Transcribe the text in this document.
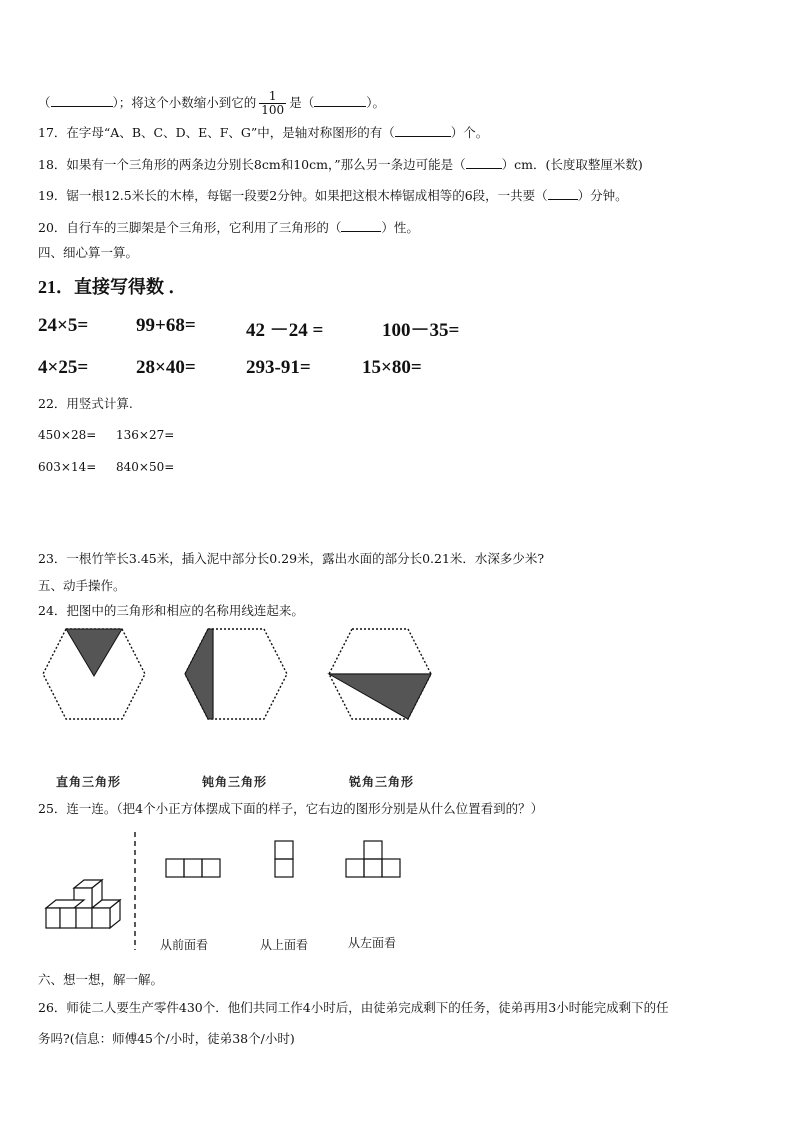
（	）；将这个小数缩小到它的 $\frac{1}{100}$ 是（	）。
17．在字母“A、B、C、D、E、F、G”中，是轴对称图形的有（	）个。
18．如果有一个三角形的两条边分别长8cm和10cm，”那么另一条边可能是（	）cm．(长度取整厘米数)
19．锯一根12.5米长的木棒，每锯一段要2分钟。如果把这根木棒锯成相等的6段，一共要（ ）分钟。
20．自行车的三脚架是个三角形，它利用了三角形的（	）性。
四、细心算一算。
21．直接写得数 ．
24×5=	99+68=	42 －24 =	100－35=
4×25=	28×40=	293-91=	15×80=
22．用竖式计算.
450×28= 136×27=
603×14= 840×50=
23．一根竹竿长3.45米，插入泥中部分长0.29米，露出水面的部分长0.21米．水深多少米?
五、动手操作。
24．把图中的三角形和相应的名称用线连起来。
直角三角形	钝角三角形	锐角三角形
25．连一连。（把4个小正方体摆成下面的样子，它右边的图形分别是从什么位置看到的？）
从前面看	从上面看	从左面看
六、想一想，解一解。
26．师徒二人要生产零件430个．他们共同工作4小时后，由徒弟完成剩下的任务，徒弟再用3小时能完成剩下的任
务吗?(信息：师傅45个/小时，徒弟38个/小时)
